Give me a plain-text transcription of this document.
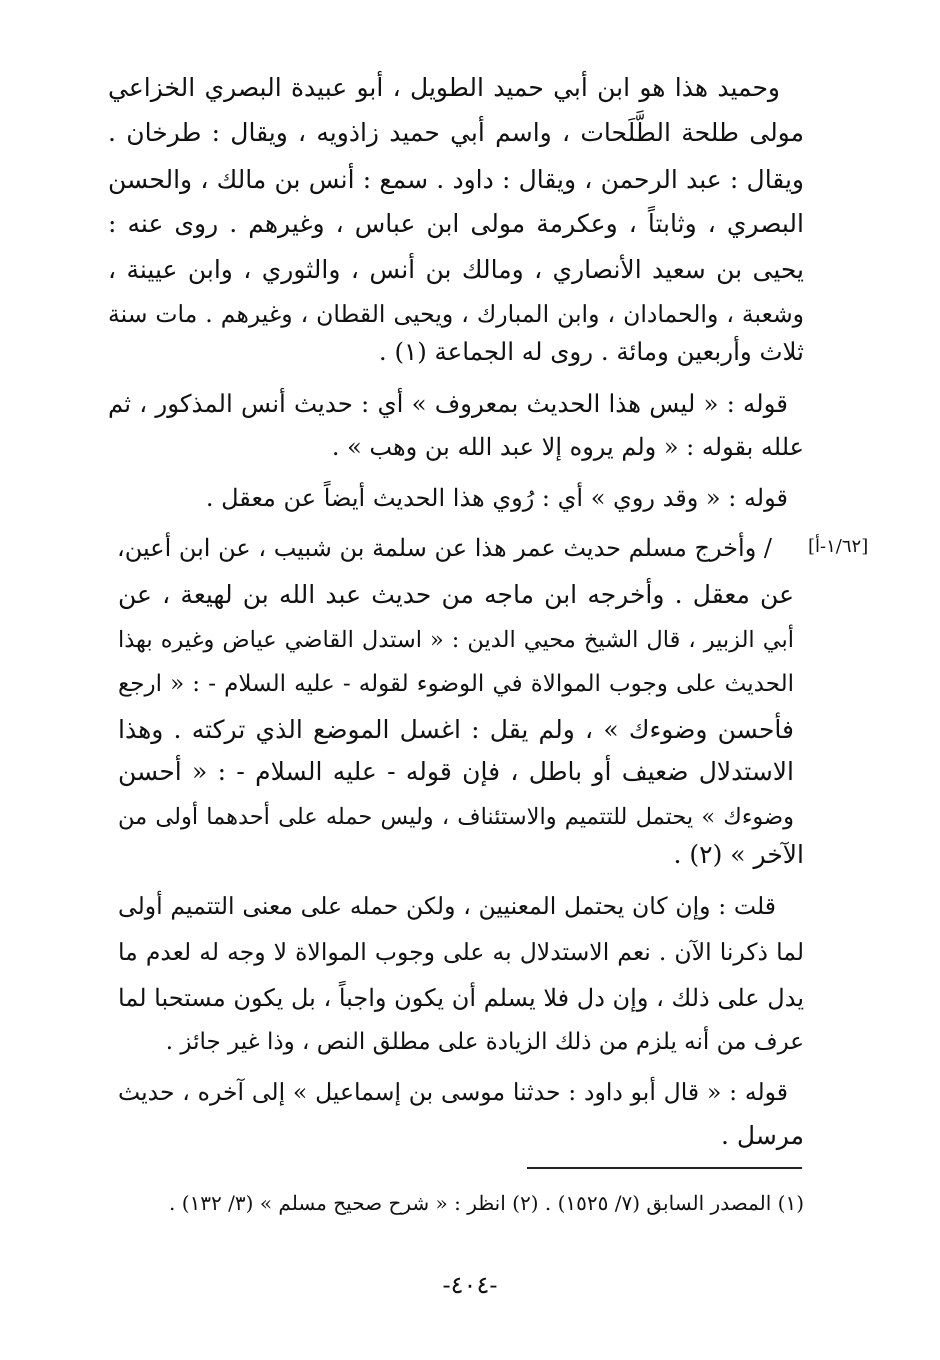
وحميد هذا هو ابن أبي حميد الطويل ، أبو عبيدة البصري الخزاعي
مولى طلحة الطَّلَحات ، واسم أبي حميد زاذويه ، ويقال : طرخان .
ويقال : عبد الرحمن ، ويقال : داود . سمع : أنس بن مالك ، والحسن
البصري ، وثابتاً ، وعكرمة مولى ابن عباس ، وغيرهم . روى عنه :
يحيى بن سعيد الأنصاري ، ومالك بن أنس ، والثوري ، وابن عيينة ،
وشعبة ، والحمادان ، وابن المبارك ، ويحيى القطان ، وغيرهم . مات سنة
ثلاث وأربعين ومائة . روى له الجماعة (١) .
قوله : « ليس هذا الحديث بمعروف » أي : حديث أنس المذكور ، ثم
علله بقوله : « ولم يروه إلا عبد الله بن وهب » .
قوله : « وقد روي » أي : رُوي هذا الحديث أيضاً عن معقل .
[١/٦٢-أ]
/ وأخرج مسلم حديث عمر هذا عن سلمة بن شبيب ، عن ابن أعين،
عن معقل . وأخرجه ابن ماجه من حديث عبد الله بن لهيعة ، عن
أبي الزبير ، قال الشيخ محيي الدين : « استدل القاضي عياض وغيره بهذا
الحديث على وجوب الموالاة في الوضوء لقوله - عليه السلام - : « ارجع
فأحسن وضوءك » ، ولم يقل : اغسل الموضع الذي تركته . وهذا
الاستدلال ضعيف أو باطل ، فإن قوله - عليه السلام - : « أحسن
وضوءك » يحتمل للتتميم والاستئناف ، وليس حمله على أحدهما أولى من
الآخر » (٢) .
قلت : وإن كان يحتمل المعنيين ، ولكن حمله على معنى التتميم أولى
لما ذكرنا الآن . نعم الاستدلال به على وجوب الموالاة لا وجه له لعدم ما
يدل على ذلك ، وإن دل فلا يسلم أن يكون واجباً ، بل يكون مستحبا لما
عرف من أنه يلزم من ذلك الزيادة على مطلق النص ، وذا غير جائز .
قوله : « قال أبو داود : حدثنا موسى بن إسماعيل » إلى آخره ، حديث
مرسل .
(١) المصدر السابق (٧/ ١٥٢٥) . (٢) انظر : « شرح صحيح مسلم » (٣/ ١٣٢) .
-٤٠٤-
